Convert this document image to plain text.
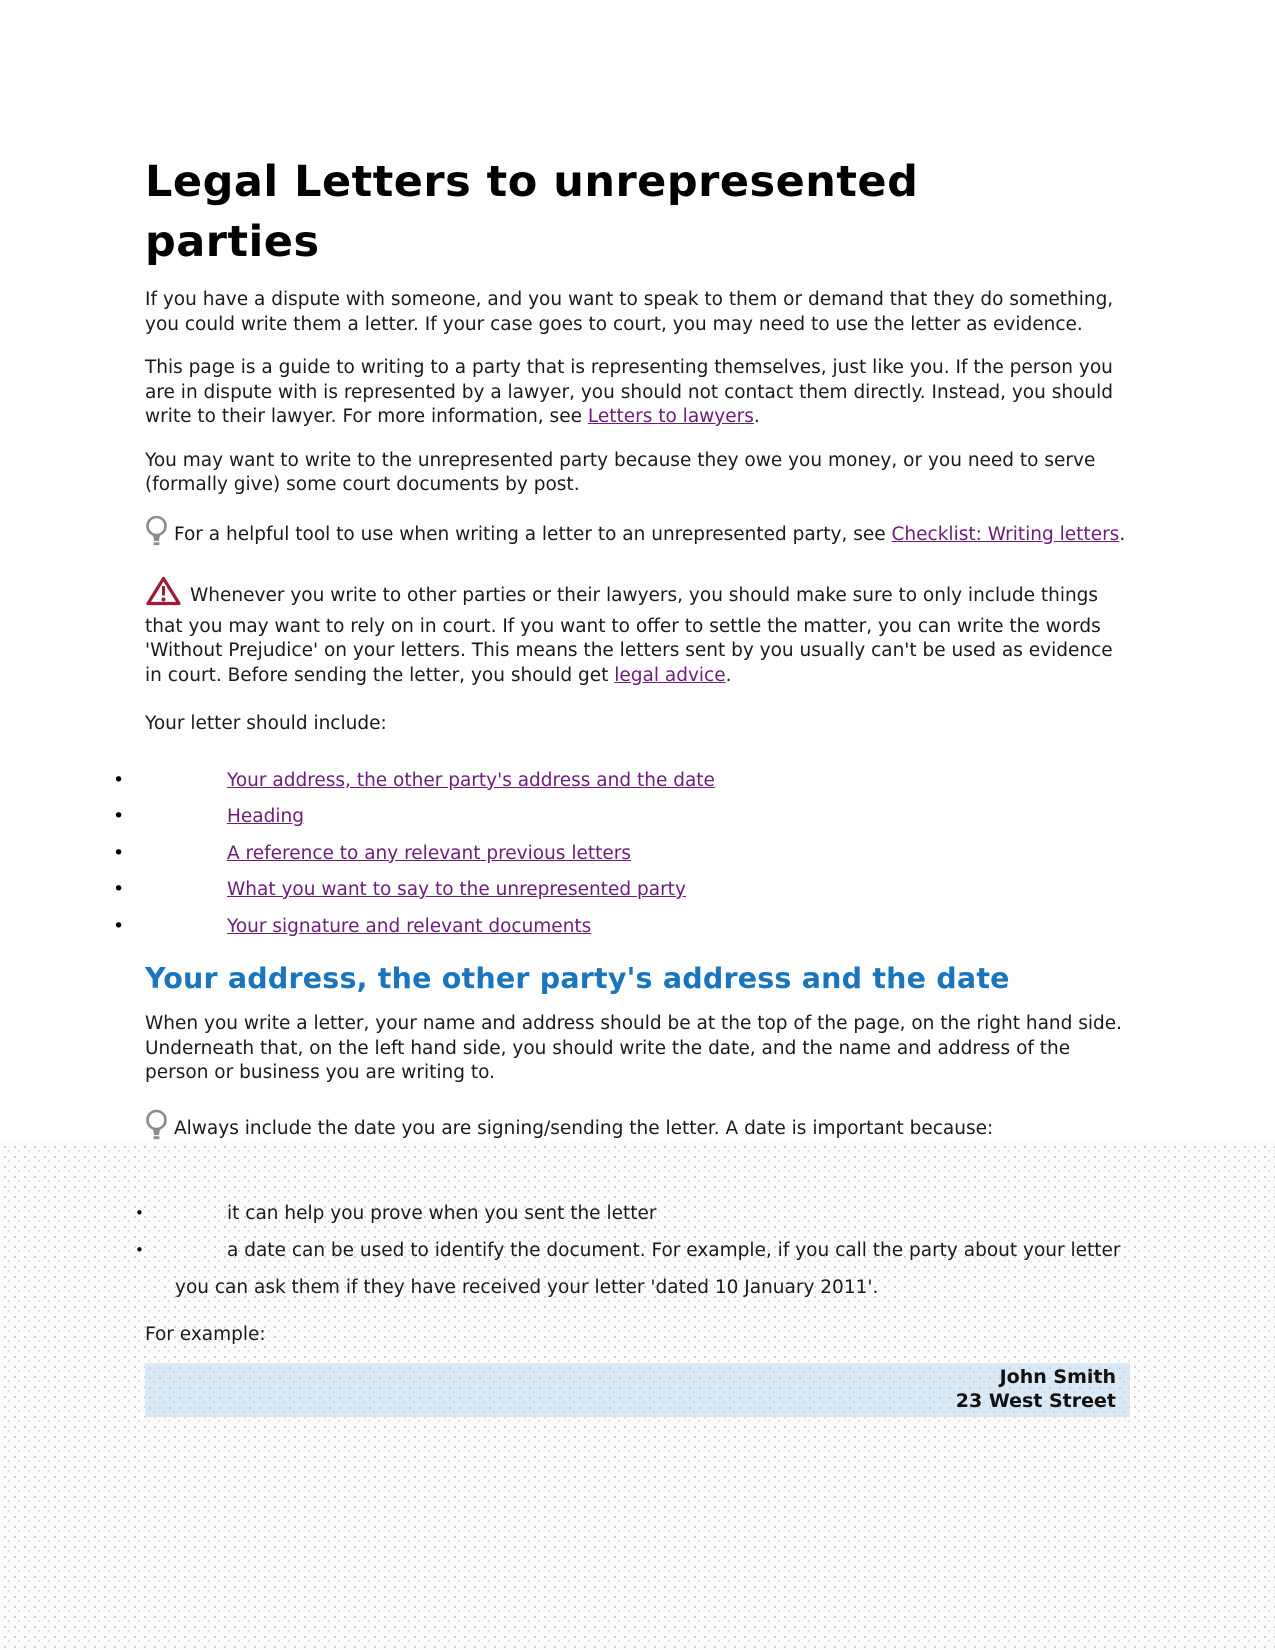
Legal Letters to unrepresented parties

If you have a dispute with someone, and you want to speak to them or demand that they do something, you could write them a letter. If your case goes to court, you may need to use the letter as evidence.

This page is a guide to writing to a party that is representing themselves, just like you. If the person you are in dispute with is represented by a lawyer, you should not contact them directly. Instead, you should write to their lawyer. For more information, see Letters to lawyers.

You may want to write to the unrepresented party because they owe you money, or you need to serve (formally give) some court documents by post.

For a helpful tool to use when writing a letter to an unrepresented party, see Checklist: Writing letters.

Whenever you write to other parties or their lawyers, you should make sure to only include things that you may want to rely on in court. If you want to offer to settle the matter, you can write the words 'Without Prejudice' on your letters. This means the letters sent by you usually can't be used as evidence in court. Before sending the letter, you should get legal advice.

Your letter should include:

•	Your address, the other party's address and the date
•	Heading
•	A reference to any relevant previous letters
•	What you want to say to the unrepresented party
•	Your signature and relevant documents
Your address, the other party's address and the date

When you write a letter, your name and address should be at the top of the page, on the right hand side. Underneath that, on the left hand side, you should write the date, and the name and address of the person or business you are writing to.

Always include the date you are signing/sending the letter. A date is important because:

•	it can help you prove when you sent the letter
•	a date can be used to identify the document. For example, if you call the party about your letter you can ask them if they have received your letter 'dated 10 January 2011'.

For example:

John Smith
23 West Street
